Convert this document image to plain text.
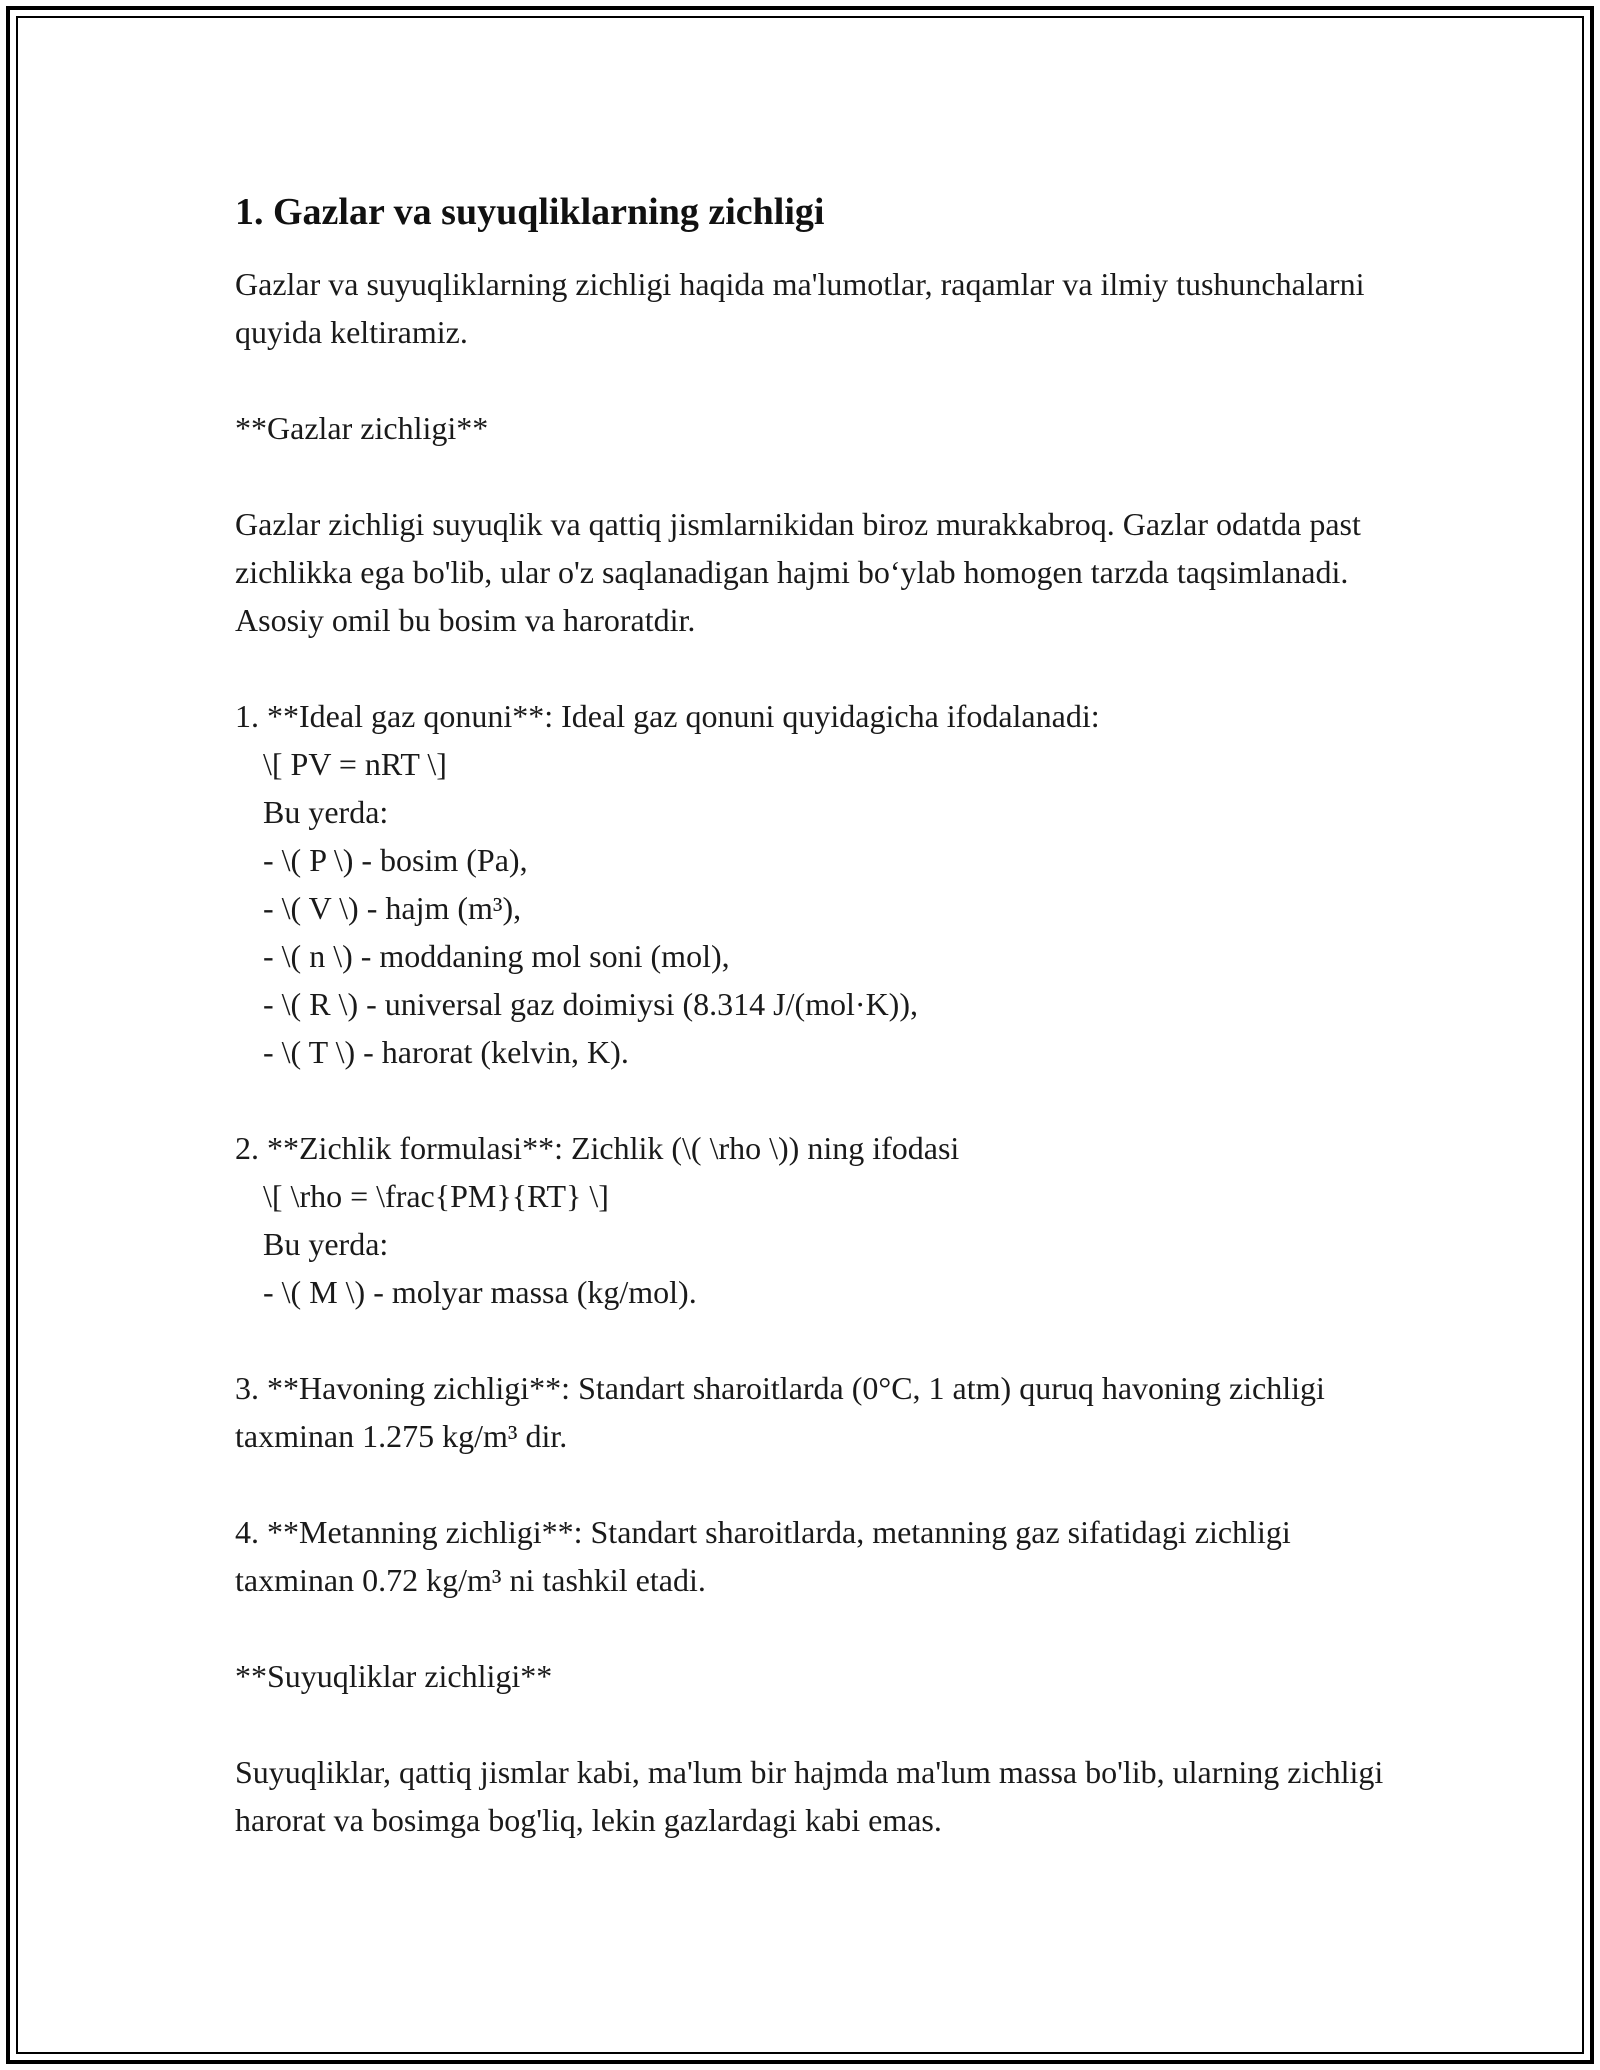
1. Gazlar va suyuqliklarning zichligi

Gazlar va suyuqliklarning zichligi haqida ma'lumotlar, raqamlar va ilmiy tushunchalarni quyida keltiramiz.

**Gazlar zichligi**

Gazlar zichligi suyuqlik va qattiq jismlarnikidan biroz murakkabroq. Gazlar odatda past zichlikka ega bo'lib, ular o'z saqlanadigan hajmi bo‘ylab homogen tarzda taqsimlanadi. Asosiy omil bu bosim va haroratdir.

1. **Ideal gaz qonuni**: Ideal gaz qonuni quyidagicha ifodalanadi:
\[ PV = nRT \]
Bu yerda:
- \( P \) - bosim (Pa),
- \( V \) - hajm (m³),
- \( n \) - moddaning mol soni (mol),
- \( R \) - universal gaz doimiysi (8.314 J/(mol·K)),
- \( T \) - harorat (kelvin, K).
2. **Zichlik formulasi**: Zichlik (\( \rho \)) ning ifodasi
\[ \rho = \frac{PM}{RT} \]
Bu yerda:
- \( M \) - molyar massa (kg/mol).

3. **Havoning zichligi**: Standart sharoitlarda (0°C, 1 atm) quruq havoning zichligi taxminan 1.275 kg/m³ dir.

4. **Metanning zichligi**: Standart sharoitlarda, metanning gaz sifatidagi zichligi taxminan 0.72 kg/m³ ni tashkil etadi.

**Suyuqliklar zichligi**

Suyuqliklar, qattiq jismlar kabi, ma'lum bir hajmda ma'lum massa bo'lib, ularning zichligi harorat va bosimga bog'liq, lekin gazlardagi kabi emas.
